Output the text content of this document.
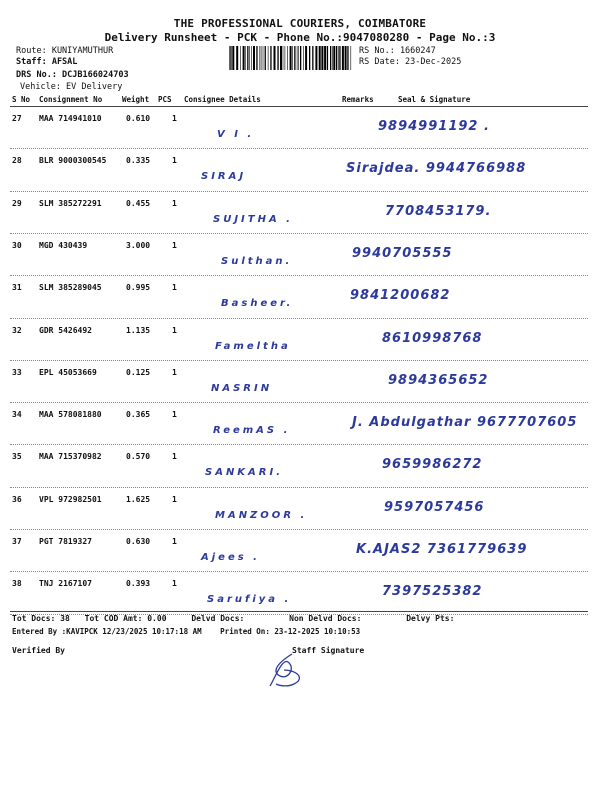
THE PROFESSIONAL COURIERS, COIMBATORE
Delivery Runsheet - PCK - Phone No.:9047080280 - Page No.:3
Route: KUNIYAMUTHUR
Staff: AFSAL
DRS No.: DCJB166024703
Vehicle: EV Delivery
RS No.: 1660247
RS Date: 23-Dec-2025
S No Consignment No	Weight PCS Consignee Details	Remarks	Seal & Signature
27 MAA 714941010	0.610	1
V I .
9894991192 .
28 BLR 9000300545 0.335	1
SIRAJ
Sirajdea. 9944766988
29 SLM 385272291	0.455	1
SUJITHA .
7708453179.
30 MGD 430439	3.000	1
Sulthan.
9940705555
31 SLM 385289045	0.995	1
Basheer.
9841200682
32 GDR 5426492	1.135	1
Fameltha
8610998768
33 EPL 45053669	0.125	1
NASRIN
9894365652
34 MAA 578081880	0.365	1
ReemAS .
J. Abdulgathar 9677707605
35 MAA 715370982	0.570	1
SANKARI.
9659986272
36 VPL 972982501	1.625	1
MANZOOR .
9597057456
37 PGT 7819327	0.630	1
Ajees .
K.AJAS2 7361779639
38 TNJ 2167107	0.393	1
Sarufiya .
7397525382
Tot Docs: 38 Tot COD Amt: 0.00	Delvd Docs:	Non Delvd Docs:	Delvy Pts:
Entered By :KAVIPCK 12/23/2025 10:17:18 AM Printed On: 23-12-2025 10:10:53
Verified By	Staff Signature
